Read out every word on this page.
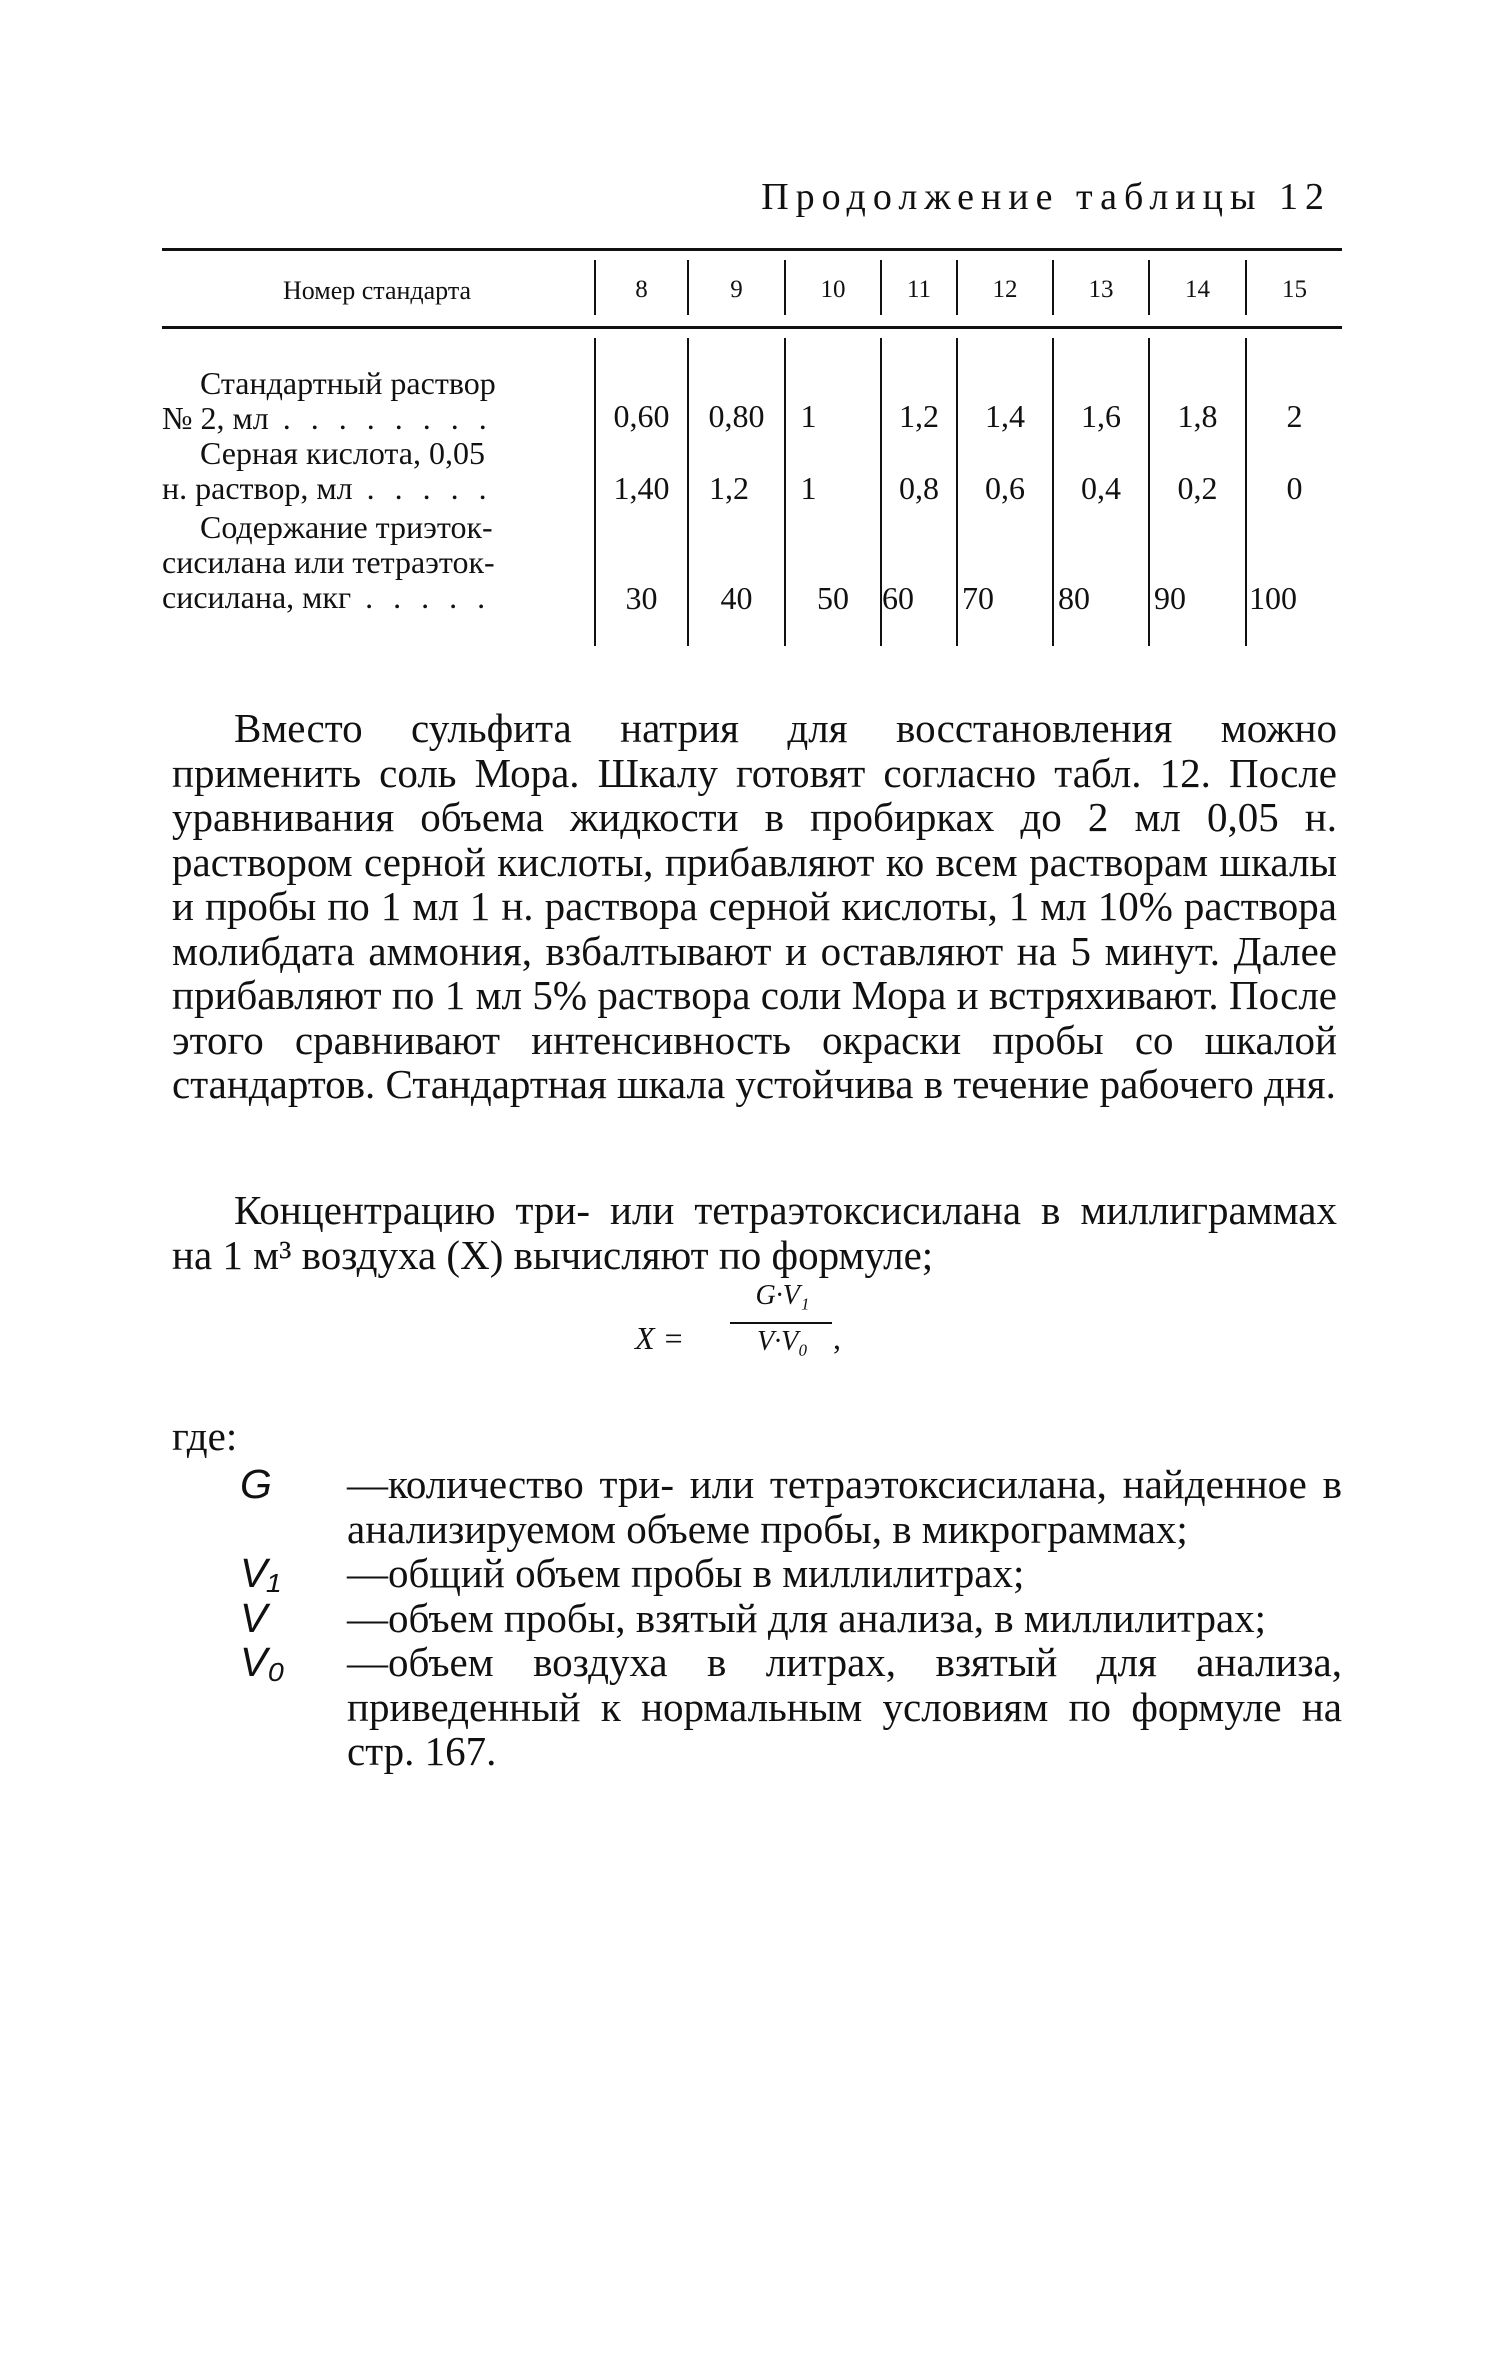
Продолжение таблицы 12
Номер стандарта	8	9	10	11	12	13	14	15
Стандартный раствор
№ 2, мл . . . . . . . .	0,60	0,80	1	1,2	1,4	1,6	1,8	2
Серная кислота, 0,05
н. раствор, мл . . . . .	1,40	1,2	1	0,8	0,6	0,4	0,2	0
Содержание триэток-
сисилана или тетраэток-
сисилана, мкг . . . . .	30	40	50	60	70	80	90	100
Вместо сульфита натрия для восстановления можно применить соль Мора. Шкалу готовят согласно табл. 12. После уравнивания объема жидкости в пробирках до 2 мл 0,05 н. раствором серной кислоты, прибавляют ко всем растворам шкалы и пробы по 1 мл 1 н. раствора серной кислоты, 1 мл 10% раствора молибдата аммония, взбалтывают и оставляют на 5 минут. Далее прибавляют по 1 мл 5% раствора соли Мора и встряхивают. После этого сравнивают интенсивность окраски пробы со шкалой стандартов. Стандартная шкала устойчива в течение рабочего дня.
Концентрацию три- или тетраэтоксисилана в миллиграммах на 1 м³ воздуха (X) вычисляют по формуле;
X =
G·V₁
V·V₀ ,
где:
G	—количество три- или тетраэтоксисилана, найденное в анализируемом объеме пробы, в микрограммах;
V₁	—общий объем пробы в миллилитрах;
V	—объем пробы, взятый для анализа, в миллилитрах;
V₀	—объем воздуха в литрах, взятый для анализа, приведенный к нормальным условиям по формуле на стр. 167.
